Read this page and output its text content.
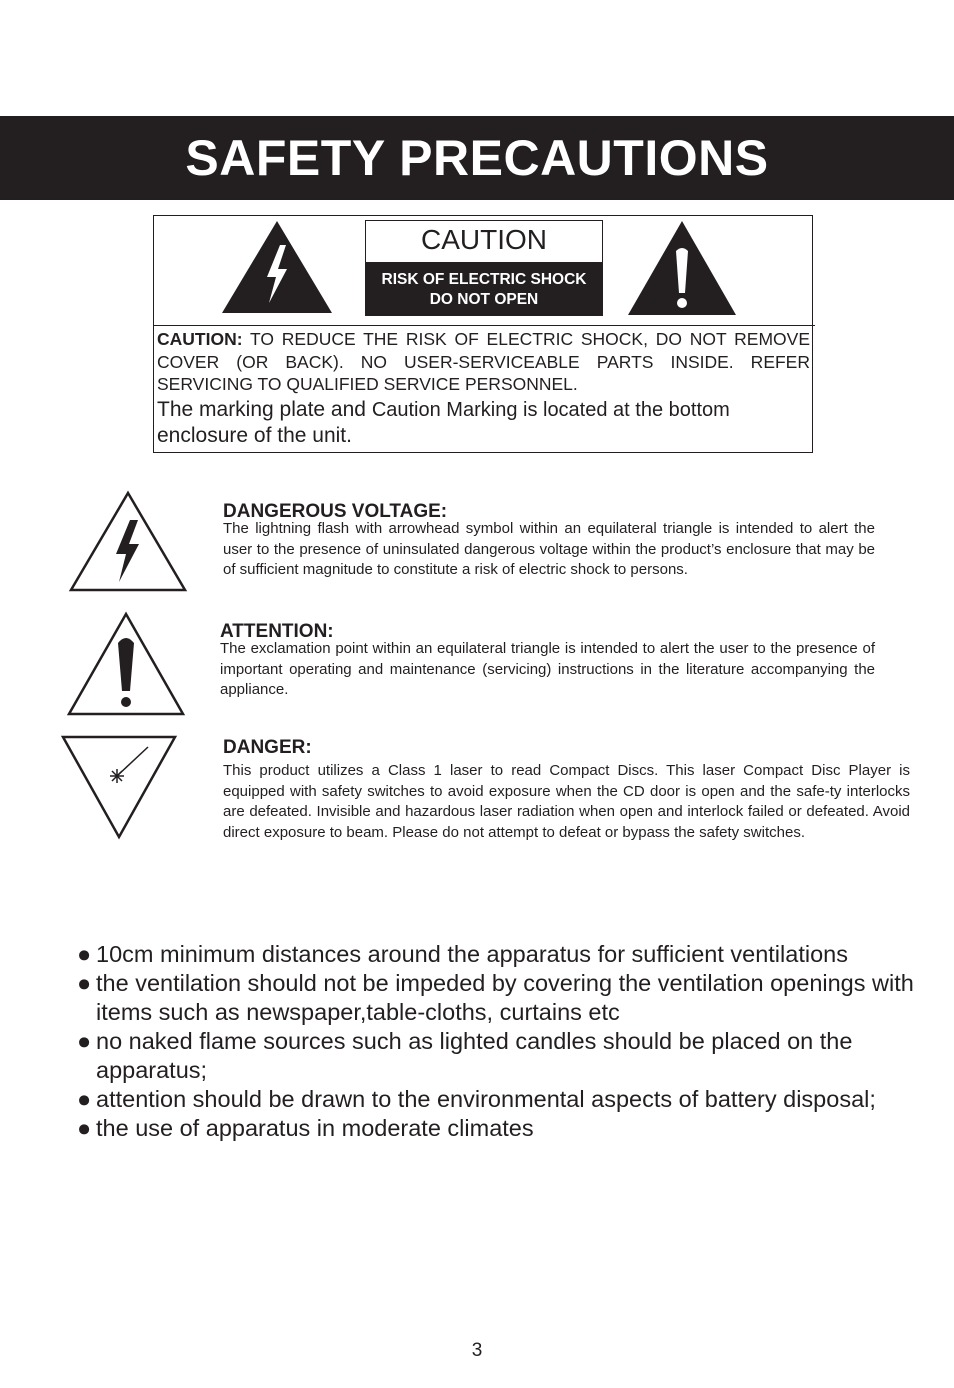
SAFETY PRECAUTIONS
CAUTION
RISK OF ELECTRIC SHOCK
DO NOT OPEN
CAUTION: TO REDUCE THE RISK OF ELECTRIC SHOCK, DO NOT REMOVE COVER (OR BACK). NO USER-SERVICEABLE PARTS INSIDE. REFER SERVICING TO QUALIFIED SERVICE PERSONNEL.
The marking plate and Caution Marking is located at the bottom
enclosure of the unit.
DANGEROUS VOLTAGE:
The lightning flash with arrowhead symbol within an equilateral triangle is intended to alert the user to the presence of uninsulated dangerous voltage within the product’s enclosure that may be of sufficient magnitude to constitute a risk of electric shock to persons.
ATTENTION:
The exclamation point within an equilateral triangle is intended to alert the user to the presence of important operating and maintenance (servicing) instructions in the literature accompanying the appliance.
DANGER:
This product utilizes a Class 1 laser to read Compact Discs. This laser Compact Disc Player is equipped with safety switches to avoid exposure when the CD door is open and the safe-ty interlocks are defeated. Invisible and hazardous laser radiation when open and interlock failed or defeated. Avoid direct exposure to beam. Please do not attempt to defeat or bypass the safety switches.
● 10cm minimum distances around the apparatus for sufficient ventilations
● the ventilation should not be impeded by covering the ventilation openings with items such as newspaper,table-cloths, curtains etc
● no naked flame sources such as lighted candles should be placed on the apparatus;
● attention should be drawn to the environmental aspects of battery disposal;
● the use of apparatus in moderate climates
3
